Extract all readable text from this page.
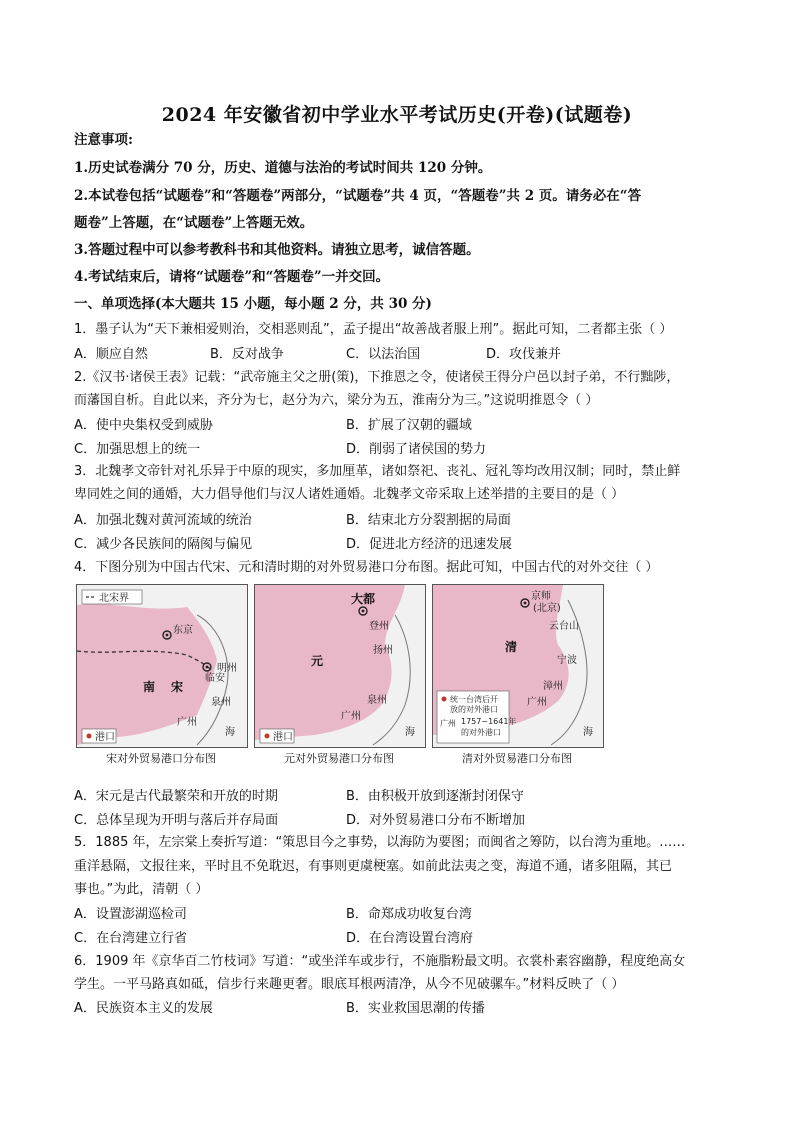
2024 年安徽省初中学业水平考试历史(开卷)(试题卷)
注意事项:
1.历史试卷满分 70 分，历史、道德与法治的考试时间共 120 分钟。
2.本试卷包括“试题卷”和“答题卷”两部分，“试题卷”共 4 页，“答题卷”共 2 页。请务必在“答
题卷”上答题，在“试题卷”上答题无效。
3.答题过程中可以参考教科书和其他资料。请独立思考，诚信答题。
4.考试结束后，请将“试题卷”和“答题卷”一并交回。
一、单项选择(本大题共 15 小题，每小题 2 分，共 30 分)
1．墨子认为“天下兼相爱则治，交相恶则乱”，孟子提出“故善战者服上刑”。据此可知，二者都主张（ ）
A．顺应自然	B．反对战争	C．以法治国	D．攻伐兼并
2.《汉书·诸侯王表》记载：“武帝施主父之册(策)，下推恩之令，使诸侯王得分户邑以封子弟，不行黜陟，
而藩国自析。自此以来，齐分为七，赵分为六，梁分为五，淮南分为三。”这说明推恩令（ ）
A．使中央集权受到威胁	B．扩展了汉朝的疆域
C．加强思想上的统一	D．削弱了诸侯国的势力
3．北魏孝文帝针对礼乐异于中原的现实，多加厘革，诸如祭祀、丧礼、冠礼等均改用汉制；同时，禁止鲜
卑同姓之间的通婚，大力倡导他们与汉人诸姓通婚。北魏孝文帝采取上述举措的主要目的是（ ）
A．加强北魏对黄河流域的统治	B．结束北方分裂割据的局面
C．减少各民族间的隔阂与偏见	D．促进北方经济的迅速发展
4．下图分别为中国古代宋、元和清时期的对外贸易港口分布图。据此可知，中国古代的对外交往（ ）
北宋界
东京
明州
临安
泉州
广州
海
南 宋
港口
宋对外贸易港口分布图
大都
登州
扬州
泉州
广州
海
元
港口
元对外贸易港口分布图
京师
(北京)
云台山
宁波
漳州
广州
海
清
统一台湾后开
放的对外港口
广州 1757~1641年
的对外港口
清对外贸易港口分布图
A．宋元是古代最繁荣和开放的时期	B．由积极开放到逐渐封闭保守
C．总体呈现为开明与落后并存局面	D．对外贸易港口分布不断增加
5．1885 年，左宗棠上奏折写道：“策思目今之事势，以海防为要图；而闽省之筹防，以台湾为重地。……
重洋悬隔，文报往来，平时且不免耽迟，有事则更虞梗塞。如前此法夷之变，海道不通，诸多阻隔，其已
事也。”为此，清朝（ ）
A．设置澎湖巡检司	B．命郑成功收复台湾
C．在台湾建立行省	D．在台湾设置台湾府
6．1909 年《京华百二竹枝词》写道：“或坐洋车或步行，不施脂粉最文明。衣裳朴素容幽静，程度绝高女
学生。一平马路真如砥，信步行来趣更奢。眼底耳根两清净，从今不见破骡车。”材料反映了（ ）
A．民族资本主义的发展	B．实业救国思潮的传播
